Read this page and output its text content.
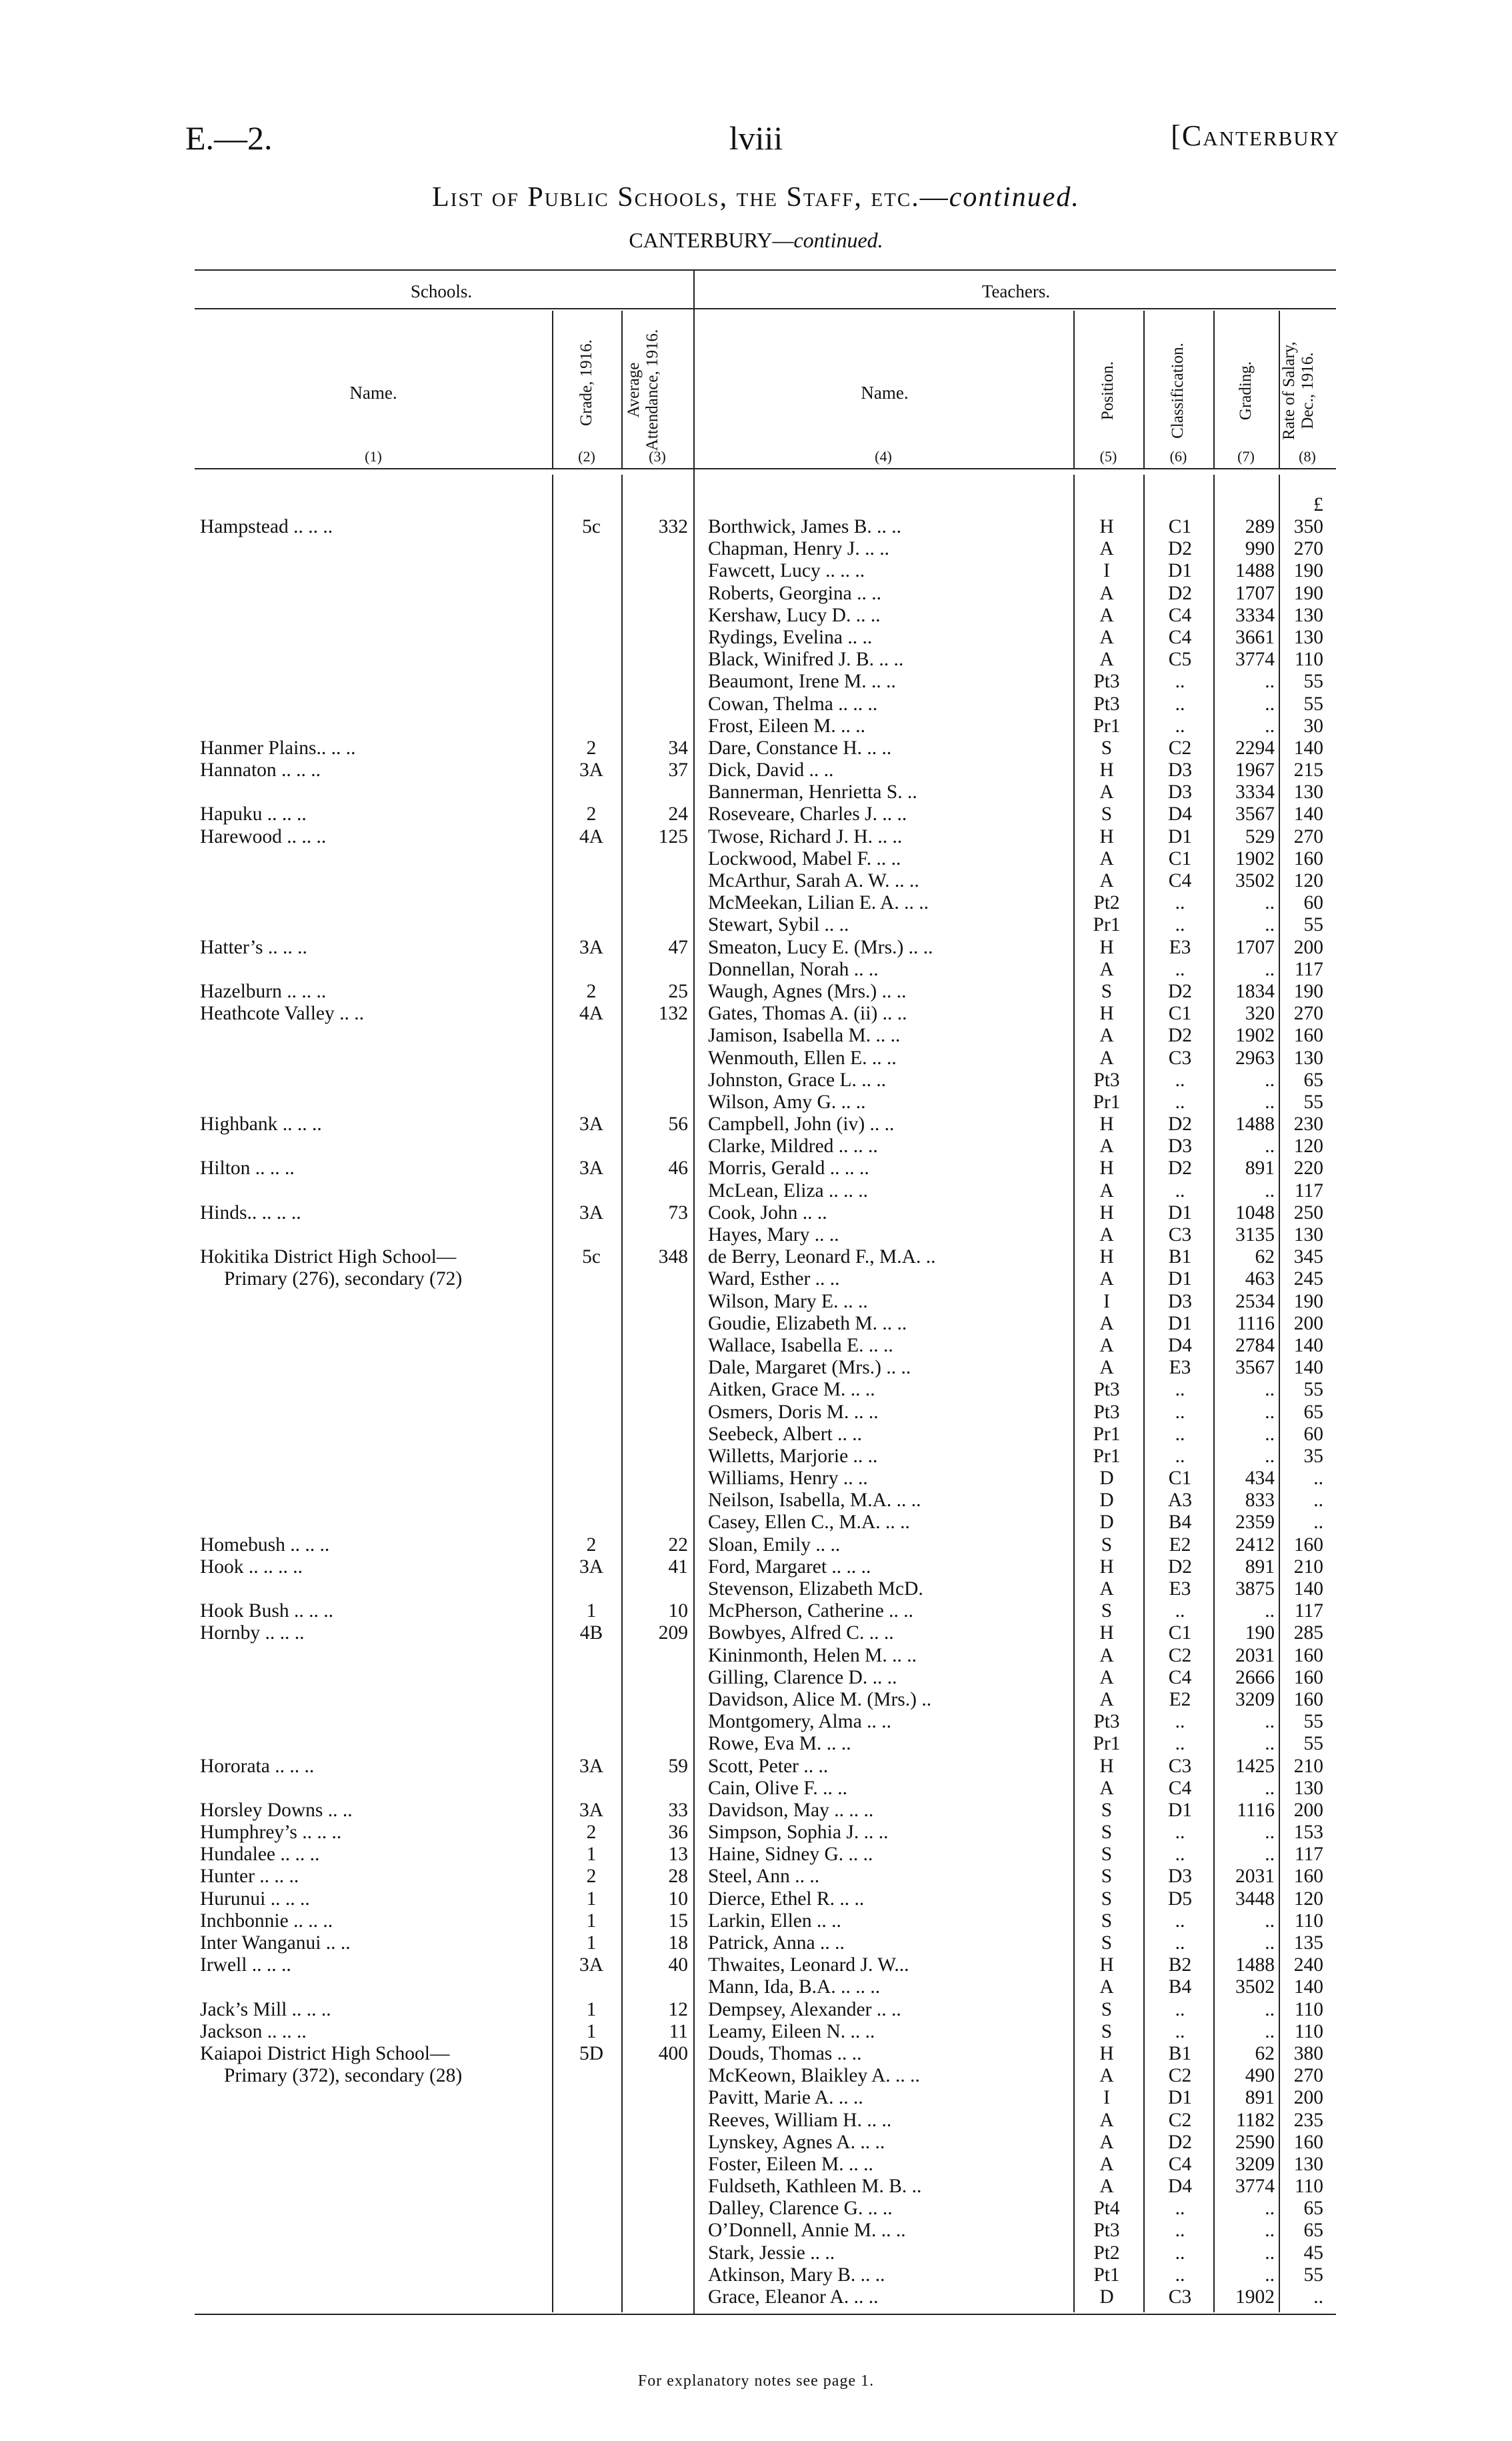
E.—2.	lviii	[Canterbury
List of Public Schools, the Staff, etc.—continued.
CANTERBURY—continued.
Schools.	Teachers.
Name.	Grade, 1916. Average Attendance, 1916.	Name.	Position.	Classification.	Grading. Rate of Salary, Dec., 1916.
(1)	(2)	(3)	(4)	(5)	(6)	(7)	(8)
£
Hampstead .. .. ..	5c	332 Borthwick, James B. .. ..	H	C1	289 350
Chapman, Henry J. .. ..	A	D2	990 270
Fawcett, Lucy .. .. ..	I	D1	1488 190
Roberts, Georgina .. ..	A	D2	1707 190
Kershaw, Lucy D. .. ..	A	C4	3334 130
Rydings, Evelina .. ..	A	C4	3661 130
Black, Winifred J. B. .. ..	A	C5	3774	110
Beaumont, Irene M. .. ..	Pt3	..	..	55
Cowan, Thelma .. .. ..	Pt3	..	..	55
Frost, Eileen M. .. ..	Pr1	..	..	30
Hanmer Plains.. .. ..	2	34 Dare, Constance H. .. ..	S	C2	2294 140
Hannaton .. .. ..	3A	37 Dick, David .. ..	H	D3	1967 215
Bannerman, Henrietta S. ..	A	D3	3334 130
Hapuku .. .. ..	2	24 Roseveare, Charles J. .. ..	S	D4	3567 140
Harewood .. .. ..	4A	125 Twose, Richard J. H. .. ..	H	D1	529 270
Lockwood, Mabel F. .. ..	A	C1	1902 160
McArthur, Sarah A. W. .. ..	A	C4	3502 120
McMeekan, Lilian E. A. .. ..	Pt2	..	..	60
Stewart, Sybil .. ..	Pr1	..	..	55
Hatter’s .. .. ..	3A	47 Smeaton, Lucy E. (Mrs.) .. ..	H	E3	1707 200
Donnellan, Norah .. ..	A	..	..	117
Hazelburn .. .. ..	2	25 Waugh, Agnes (Mrs.) .. ..	S	D2	1834 190
Heathcote Valley .. ..	4A	132 Gates, Thomas A. (ii) .. ..	H	C1	320 270
Jamison, Isabella M. .. ..	A	D2	1902 160
Wenmouth, Ellen E. .. ..	A	C3	2963 130
Johnston, Grace L. .. ..	Pt3	..	..	65
Wilson, Amy G. .. ..	Pr1	..	..	55
Highbank .. .. ..	3A	56 Campbell, John (iv) .. ..	H	D2	1488 230
Clarke, Mildred .. .. ..	A	D3	.. 120
Hilton .. .. ..	3A	46 Morris, Gerald .. .. ..	H	D2	891 220
McLean, Eliza .. .. ..	A	..	..	117
Hinds.. .. .. ..	3A	73 Cook, John .. ..	H	D1	1048 250
Hayes, Mary .. ..	A	C3	3135 130
Hokitika District High School—	5c	348 de Berry, Leonard F., M.A. ..	H	B1	62 345
Primary (276), secondary (72)	Ward, Esther .. ..	A	D1	463 245
Wilson, Mary E. .. ..	I	D3	2534 190
Goudie, Elizabeth M. .. ..	A	D1	1116 200
Wallace, Isabella E. .. ..	A	D4	2784 140
Dale, Margaret (Mrs.) .. ..	A	E3	3567 140
Aitken, Grace M. .. ..	Pt3	..	..	55
Osmers, Doris M. .. ..	Pt3	..	..	65
Seebeck, Albert .. ..	Pr1	..	..	60
Willetts, Marjorie .. ..	Pr1	..	..	35
Williams, Henry .. ..	D	C1	434	..
Neilson, Isabella, M.A. .. ..	D	A3	833	..
Casey, Ellen C., M.A. .. ..	D	B4	2359	..
Homebush .. .. ..	2	22 Sloan, Emily .. ..	S	E2	2412 160
Hook .. .. .. ..	3A	41 Ford, Margaret .. .. ..	H	D2	891 210
Stevenson, Elizabeth McD.	A	E3	3875 140
Hook Bush .. .. ..	1	10 McPherson, Catherine .. ..	S	..	..	117
Hornby .. .. ..	4B	209 Bowbyes, Alfred C. .. ..	H	C1	190 285
Kininmonth, Helen M. .. ..	A	C2	2031 160
Gilling, Clarence D. .. ..	A	C4	2666 160
Davidson, Alice M. (Mrs.) ..	A	E2	3209 160
Montgomery, Alma .. ..	Pt3	..	..	55
Rowe, Eva M. .. ..	Pr1	..	..	55
Hororata .. .. ..	3A	59 Scott, Peter .. ..	H	C3	1425 210
Cain, Olive F. .. ..	A	C4	.. 130
Horsley Downs .. ..	3A	33 Davidson, May .. .. ..	S	D1	1116 200
Humphrey’s .. .. ..	2	36 Simpson, Sophia J. .. ..	S	..	.. 153
Hundalee .. .. ..	1	13 Haine, Sidney G. .. ..	S	..	..	117
Hunter .. .. ..	2	28 Steel, Ann .. ..	S	D3	2031 160
Hurunui .. .. ..	1	10 Dierce, Ethel R. .. ..	S	D5	3448 120
Inchbonnie .. .. ..	1	15 Larkin, Ellen .. ..	S	..	..	110
Inter Wanganui .. ..	1	18 Patrick, Anna .. ..	S	..	.. 135
Irwell .. .. ..	3A	40 Thwaites, Leonard J. W...	H	B2	1488 240
Mann, Ida, B.A. .. .. ..	A	B4	3502 140
Jack’s Mill .. .. ..	1	12 Dempsey, Alexander .. ..	S	..	..	110
Jackson .. .. ..	1	11 Leamy, Eileen N. .. ..	S	..	..	110
Kaiapoi District High School—	5D	400 Douds, Thomas .. ..	H	B1	62 380
Primary (372), secondary (28)	McKeown, Blaikley A. .. ..	A	C2	490 270
Pavitt, Marie A. .. ..	I	D1	891 200
Reeves, William H. .. ..	A	C2	1182 235
Lynskey, Agnes A. .. ..	A	D2	2590 160
Foster, Eileen M. .. ..	A	C4	3209 130
Fuldseth, Kathleen M. B. ..	A	D4	3774	110
Dalley, Clarence G. .. ..	Pt4	..	..	65
O’Donnell, Annie M. .. ..	Pt3	..	..	65
Stark, Jessie .. ..	Pt2	..	..	45
Atkinson, Mary B. .. ..	Pt1	..	..	55
Grace, Eleanor A. .. ..	D	C3	1902	..
For explanatory notes see page 1.
